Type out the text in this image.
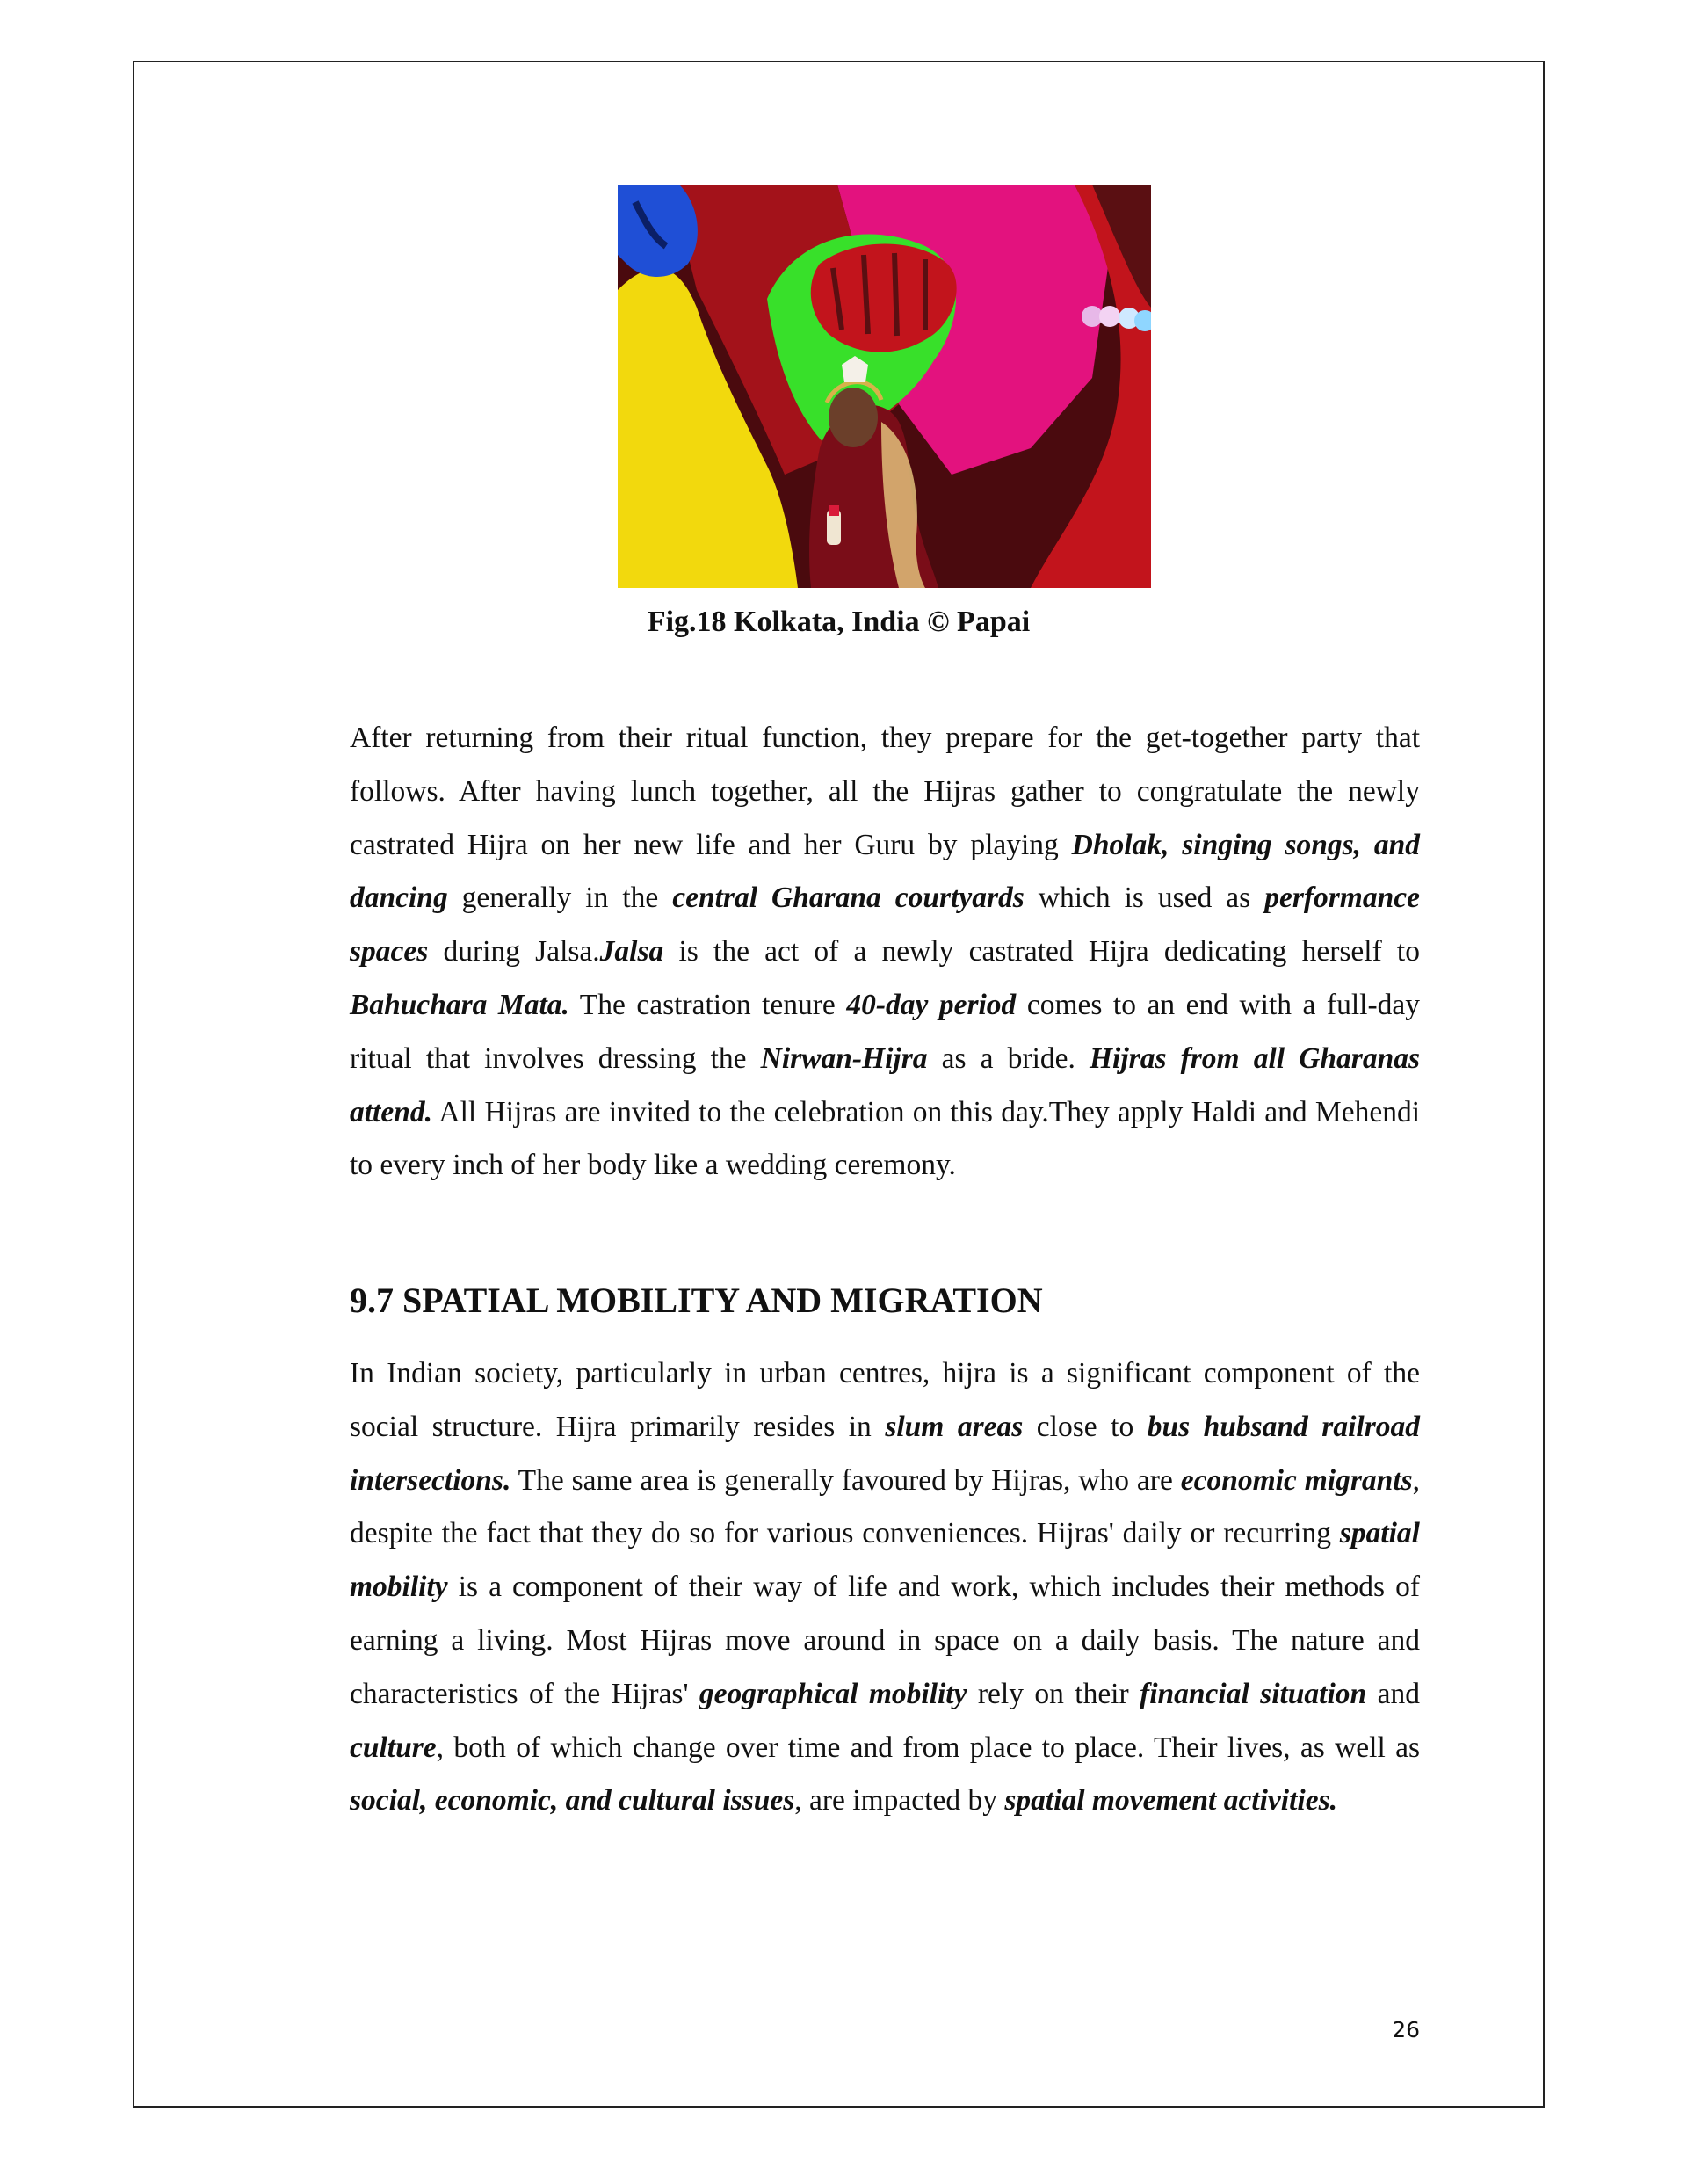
Fig.18 Kolkata, India © Papai

After returning from their ritual function, they prepare for the get-together party that follows. After having lunch together, all the Hijras gather to congratulate the newly castrated Hijra on her new life and her Guru by playing Dholak, singing songs, and dancing generally in the central Gharana courtyards which is used as performance spaces during Jalsa.Jalsa is the act of a newly castrated Hijra dedicating herself to Bahuchara Mata. The castration tenure 40-day period comes to an end with a full-day ritual that involves dressing the Nirwan-Hijra as a bride. Hijras from all Gharanas attend. All Hijras are invited to the celebration on this day.They apply Haldi and Mehendi to every inch of her body like a wedding ceremony.

9.7 SPATIAL MOBILITY AND MIGRATION

In Indian society, particularly in urban centres, hijra is a significant component of the social structure. Hijra primarily resides in slum areas close to bus hubsand railroad intersections. The same area is generally favoured by Hijras, who are economic migrants, despite the fact that they do so for various conveniences. Hijras' daily or recurring spatial mobility is a component of their way of life and work, which includes their methods of earning a living. Most Hijras move around in space on a daily basis. The nature and characteristics of the Hijras' geographical mobility rely on their financial situation and culture, both of which change over time and from place to place. Their lives, as well as social, economic, and cultural issues, are impacted by spatial movement activities.

26
